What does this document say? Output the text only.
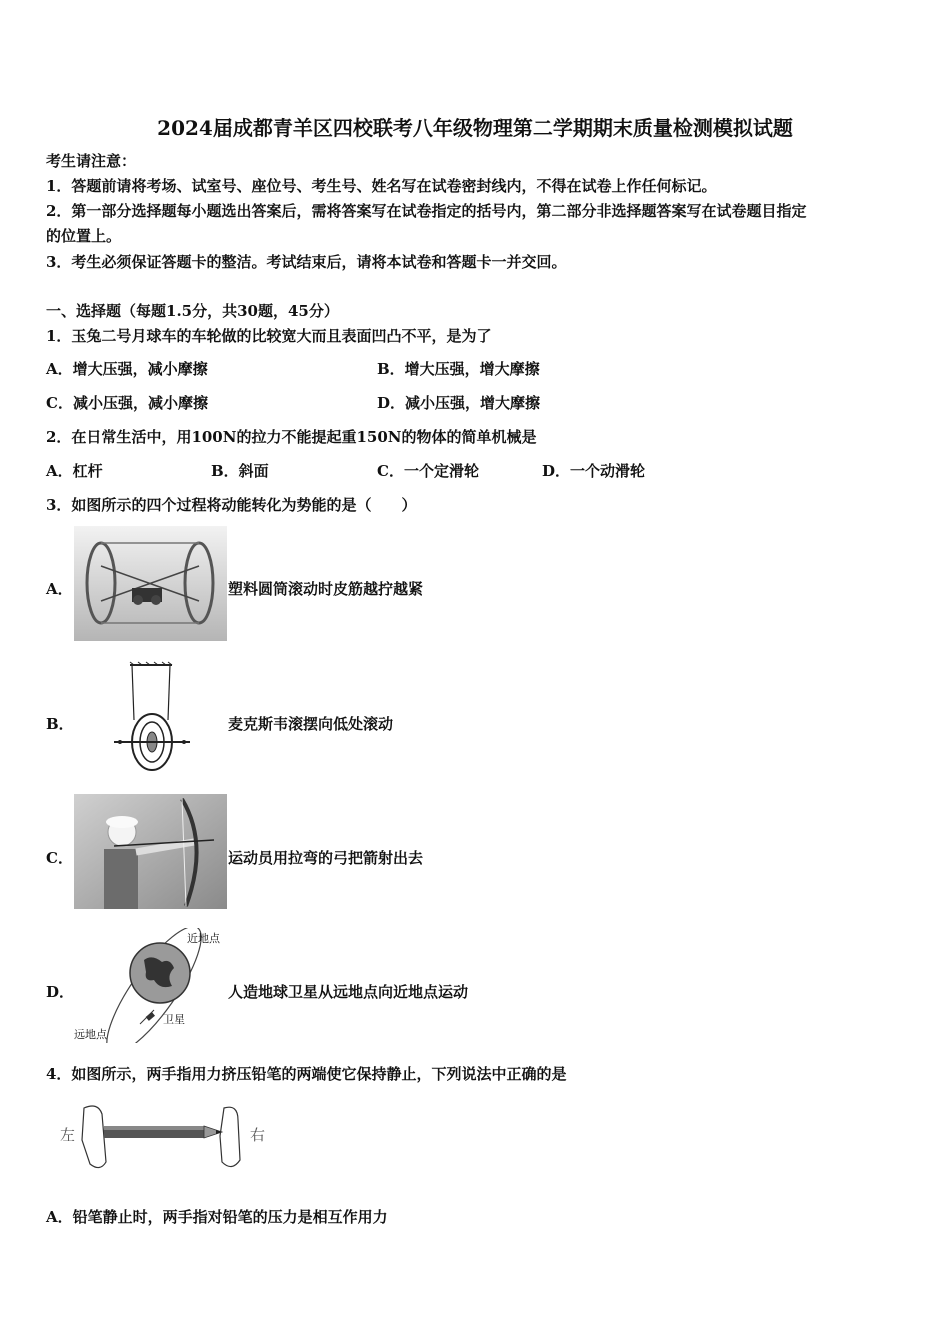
2024届成都青羊区四校联考八年级物理第二学期期末质量检测模拟试题
考生请注意：
1．答题前请将考场、试室号、座位号、考生号、姓名写在试卷密封线内，不得在试卷上作任何标记。
2．第一部分选择题每小题选出答案后，需将答案写在试卷指定的括号内，第二部分非选择题答案写在试卷题目指定
的位置上。
3．考生必须保证答题卡的整洁。考试结束后，请将本试卷和答题卡一并交回。
一、选择题（每题1.5分，共30题，45分）
1．玉兔二号月球车的车轮做的比较宽大而且表面凹凸不平，是为了
A．增大压强，减小摩擦	B．增大压强，增大摩擦
C．减小压强，减小摩擦	D．减小压强，增大摩擦
2．在日常生活中，用100N的拉力不能提起重150N的物体的简单机械是
A．杠杆	B．斜面	C．一个定滑轮	D．一个动滑轮
3．如图所示的四个过程将动能转化为势能的是（　　）
A．	塑料圆筒滚动时皮筋越拧越紧
B．	麦克斯韦滚摆向低处滚动
C．	运动员用拉弯的弓把箭射出去
D．
近地点
远地点
卫星
人造地球卫星从远地点向近地点运动
4．如图所示，两手指用力挤压铅笔的两端使它保持静止，下列说法中正确的是
左	右
A．铅笔静止时，两手指对铅笔的压力是相互作用力
